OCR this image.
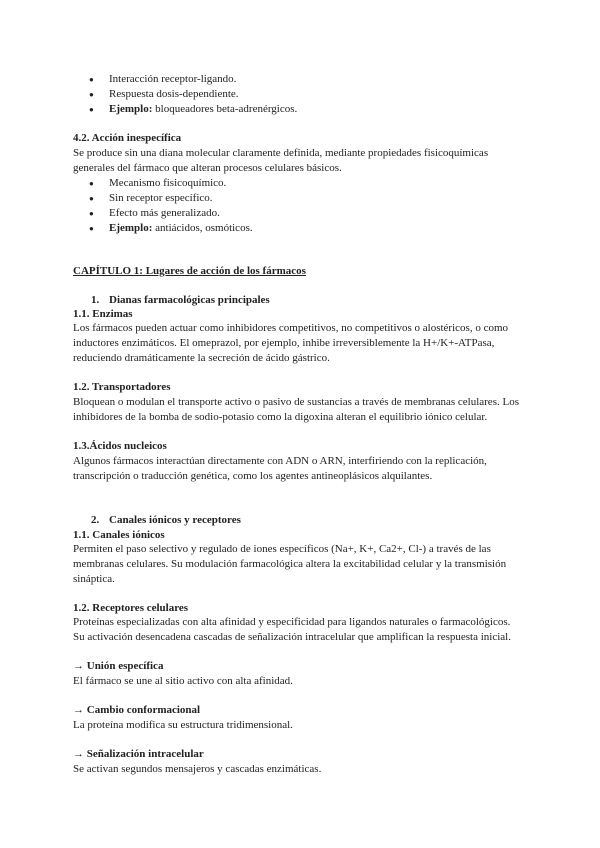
● Interacción receptor-ligando.
● Respuesta dosis-dependiente.
● Ejemplo: bloqueadores beta-adrenérgicos.
4.2. Acción inespecífica
Se produce sin una diana molecular claramente definida, mediante propiedades fisicoquímicas
generales del fármaco que alteran procesos celulares básicos.
● Mecanismo fisicoquímico.
● Sin receptor específico.
● Efecto más generalizado.
● Ejemplo: antiácidos, osmóticos.
CAPÍTULO 1: Lugares de acción de los fármacos
1. Dianas farmacológicas principales
1.1. Enzimas
Los fármacos pueden actuar como inhibidores competitivos, no competitivos o alostéricos, o como
inductores enzimáticos. El omeprazol, por ejemplo, inhibe irreversiblemente la H+/K+-ATPasa,
reduciendo dramáticamente la secreción de ácido gástrico.
1.2. Transportadores
Bloquean o modulan el transporte activo o pasivo de sustancias a través de membranas celulares. Los
inhibidores de la bomba de sodio-potasio como la digoxina alteran el equilibrio iónico celular.
1.3.Ácidos nucleicos
Algunos fármacos interactúan directamente con ADN o ARN, interfiriendo con la replicación,
transcripción o traducción genética, como los agentes antineoplásicos alquilantes.
2. Canales iónicos y receptores
1.1. Canales iónicos
Permiten el paso selectivo y regulado de iones específicos (Na+, K+, Ca2+, Cl-) a través de las
membranas celulares. Su modulación farmacológica altera la excitabilidad celular y la transmisión
sináptica.
1.2. Receptores celulares
Proteínas especializadas con alta afinidad y especificidad para ligandos naturales o farmacológicos.
Su activación desencadena cascadas de señalización intracelular que amplifican la respuesta inicial.
→ Unión específica
El fármaco se une al sitio activo con alta afinidad.
→ Cambio conformacional
La proteína modifica su estructura tridimensional.
→ Señalización intracelular
Se activan segundos mensajeros y cascadas enzimáticas.
